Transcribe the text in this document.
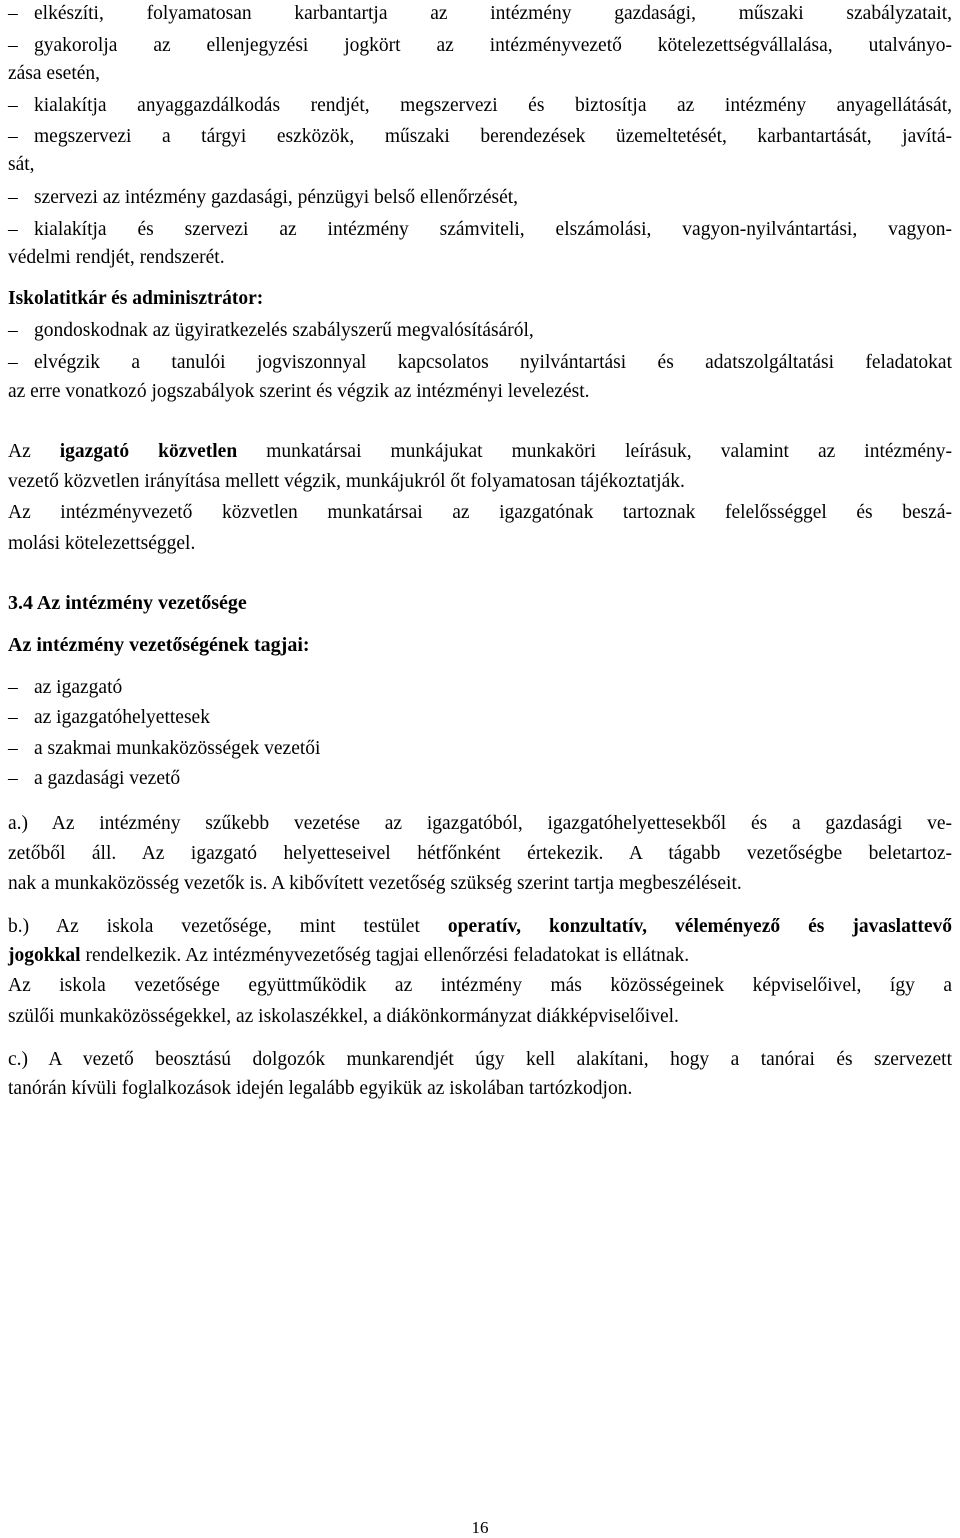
– elkészíti, folyamatosan karbantartja az intézmény gazdasági, műszaki szabályzatait,
– gyakorolja az ellenjegyzési jogkört az intézményvezető kötelezettségvállalása, utalványo-
zása esetén,
– kialakítja anyaggazdálkodás rendjét, megszervezi és biztosítja az intézmény anyagellátását,
– megszervezi a tárgyi eszközök, műszaki berendezések üzemeltetését, karbantartását, javítá-
sát,
– szervezi az intézmény gazdasági, pénzügyi belső ellenőrzését,
– kialakítja és szervezi az intézmény számviteli, elszámolási, vagyon-nyilvántartási, vagyon-
védelmi rendjét, rendszerét.
Iskolatitkár és adminisztrátor:
– gondoskodnak az ügyiratkezelés szabályszerű megvalósításáról,
– elvégzik a tanulói jogviszonnyal kapcsolatos nyilvántartási és adatszolgáltatási feladatokat
az erre vonatkozó jogszabályok szerint és végzik az intézményi levelezést.
Az igazgató közvetlen munkatársai munkájukat munkaköri leírásuk, valamint az intézmény-
vezető közvetlen irányítása mellett végzik, munkájukról őt folyamatosan tájékoztatják.
Az intézményvezető közvetlen munkatársai az igazgatónak tartoznak felelősséggel és beszá-
molási kötelezettséggel.
3.4 Az intézmény vezetősége
Az intézmény vezetőségének tagjai:
– az igazgató
– az igazgatóhelyettesek
– a szakmai munkaközösségek vezetői
– a gazdasági vezető
a.) Az intézmény szűkebb vezetése az igazgatóból, igazgatóhelyettesekből és a gazdasági ve-
zetőből áll. Az igazgató helyetteseivel hétfőnként értekezik. A tágabb vezetőségbe beletartoz-
nak a munkaközösség vezetők is. A kibővített vezetőség szükség szerint tartja megbeszéléseit.
b.) Az iskola vezetősége, mint testület operatív, konzultatív, véleményező és javaslattevő
jogokkal rendelkezik. Az intézményvezetőség tagjai ellenőrzési feladatokat is ellátnak.
Az iskola vezetősége együttműködik az intézmény más közösségeinek képviselőivel, így a
szülői munkaközösségekkel, az iskolaszékkel, a diákönkormányzat diákképviselőivel.
c.) A vezető beosztású dolgozók munkarendjét úgy kell alakítani, hogy a tanórai és szervezett
tanórán kívüli foglalkozások idején legalább egyikük az iskolában tartózkodjon.
16
